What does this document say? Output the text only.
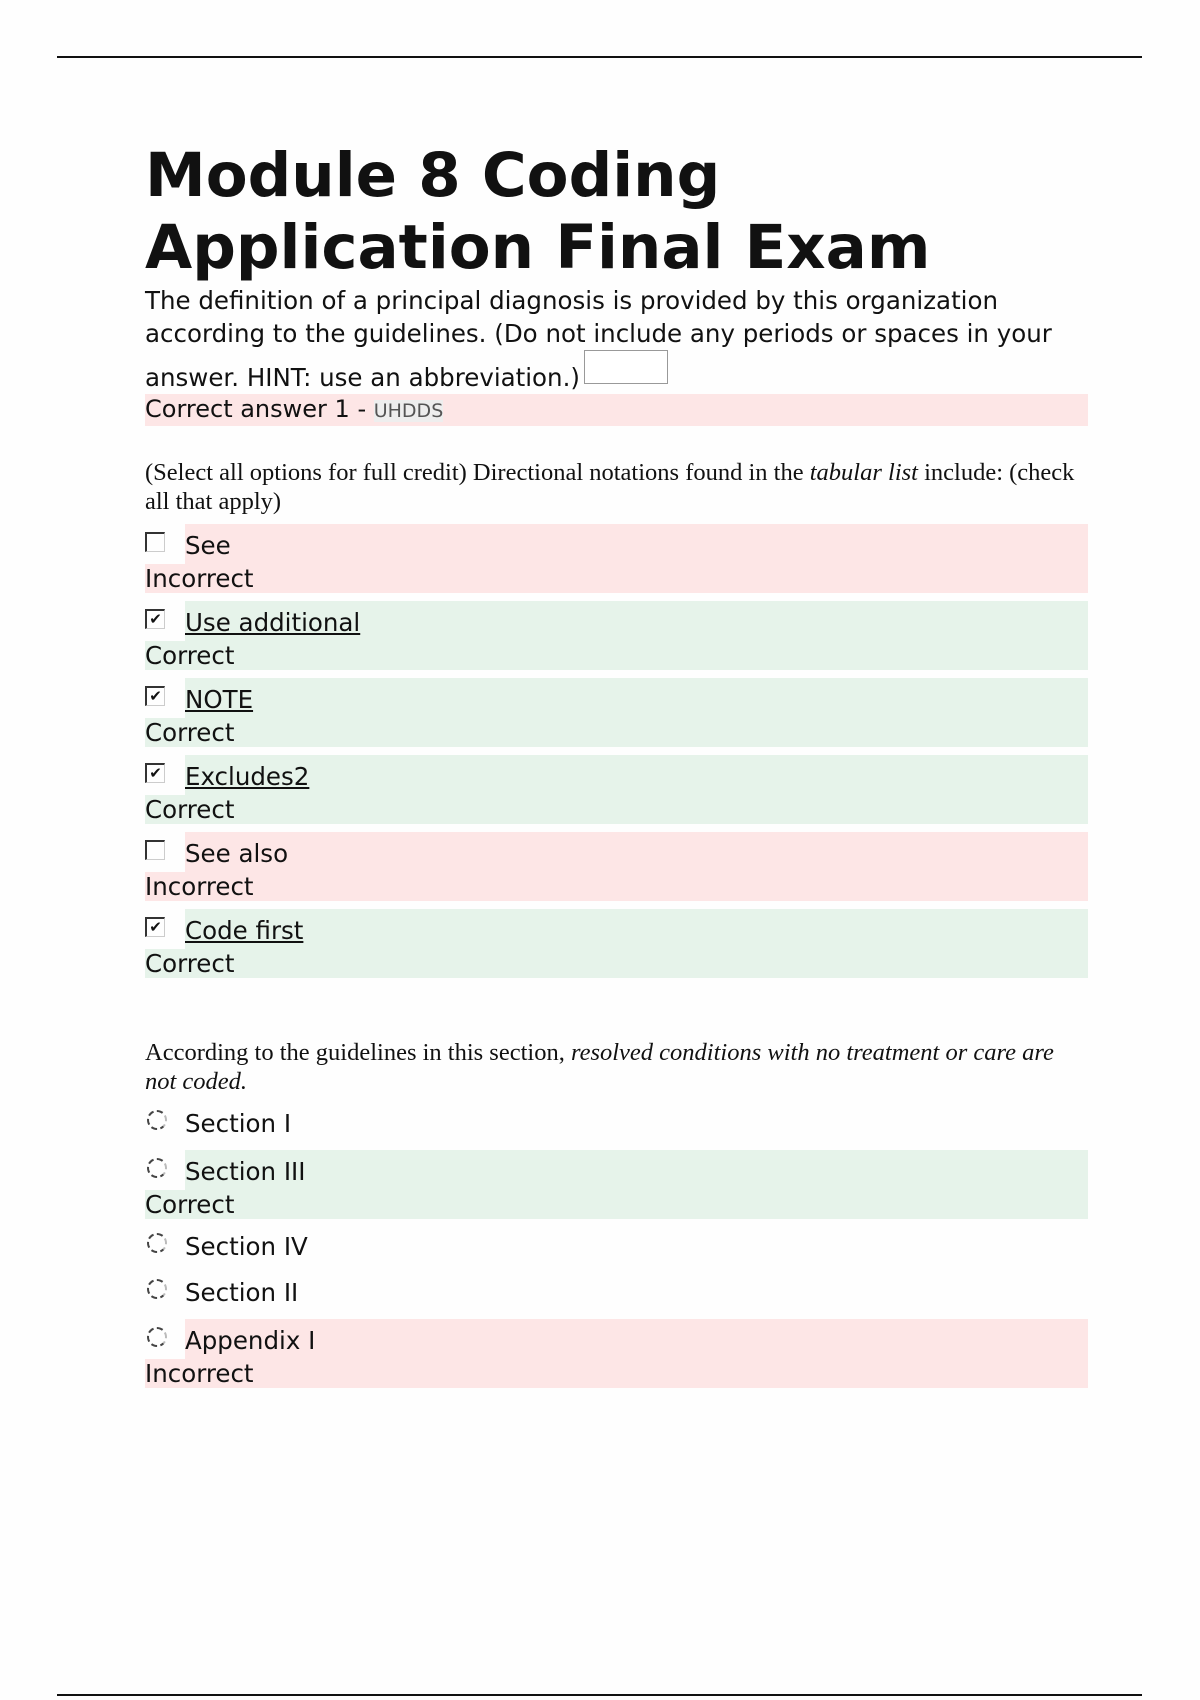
Module 8 Coding Application Final Exam
The definition of a principal diagnosis is provided by this organization according to the guidelines. (Do not include any periods or spaces in your answer. HINT: use an abbreviation.)
Correct answer 1 - UHDDS
(Select all options for full credit) Directional notations found in the tabular list include: (check all that apply)
See
Incorrect
✔ Use additional
Correct
✔ NOTE
Correct
✔ Excludes2
Correct
See also
Incorrect
✔ Code first
Correct
According to the guidelines in this section, resolved conditions with no treatment or care are not coded.
Section I
Section III
Correct
Section IV
Section II
Appendix I
Incorrect
